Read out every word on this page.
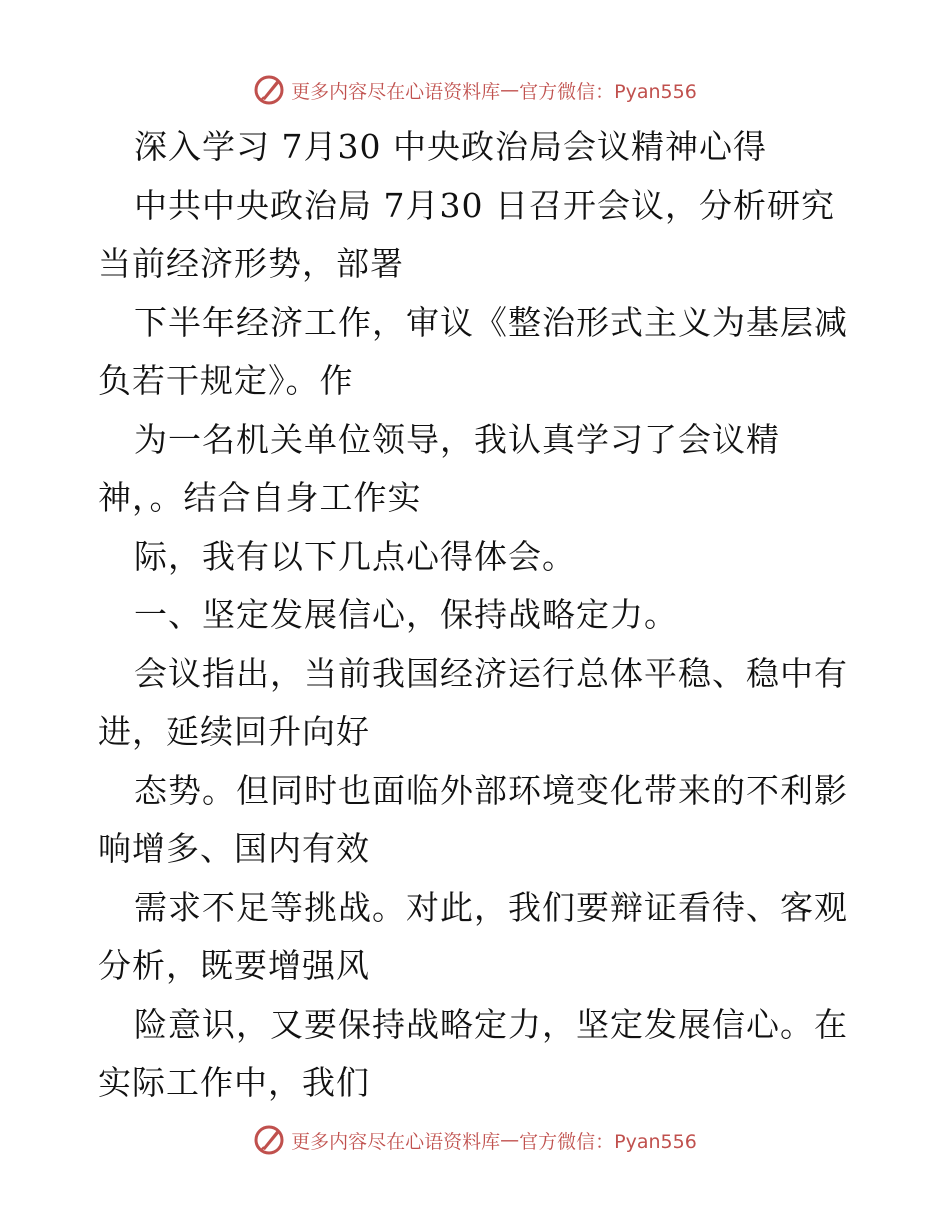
更多内容尽在心语资料库 — 官方微信：Pyan556
深入学习 7月30 中央政治局会议精神心得
中共中央政治局 7月30 日召开会议，分析研究
当前经济形势，部署
下半年经济工作，审议《整治形式主义为基层减
负若干规定》。作
为一名机关单位领导，我认真学习了会议精
神，。结合自身工作实
际，我有以下几点心得体会。
一、坚定发展信心，保持战略定力。
会议指出，当前我国经济运行总体平稳、稳中有
进，延续回升向好
态势。但同时也面临外部环境变化带来的不利影
响增多、国内有效
需求不足等挑战。对此，我们要辩证看待、客观
分析，既要增强风
险意识，又要保持战略定力，坚定发展信心。在
实际工作中，我们
更多内容尽在心语资料库 — 官方微信：Pyan556
